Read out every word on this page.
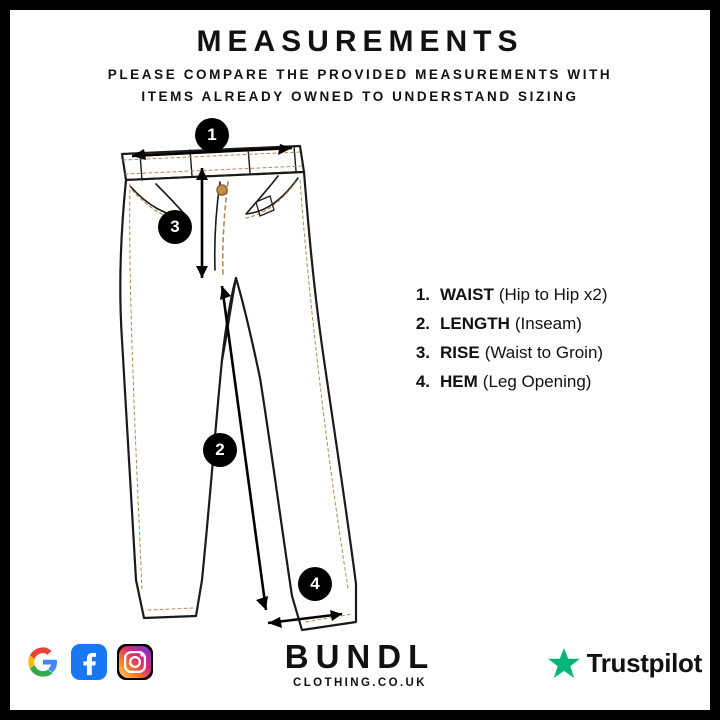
MEASUREMENTS
PLEASE COMPARE THE PROVIDED MEASUREMENTS WITH
ITEMS ALREADY OWNED TO UNDERSTAND SIZING
1
3
2
4
1. WAIST (Hip to Hip x2)
2. LENGTH (Inseam)
3. RISE (Waist to Groin)
4. HEM (Leg Opening)
BUNDL
CLOTHING.CO.UK
Trustpilot
